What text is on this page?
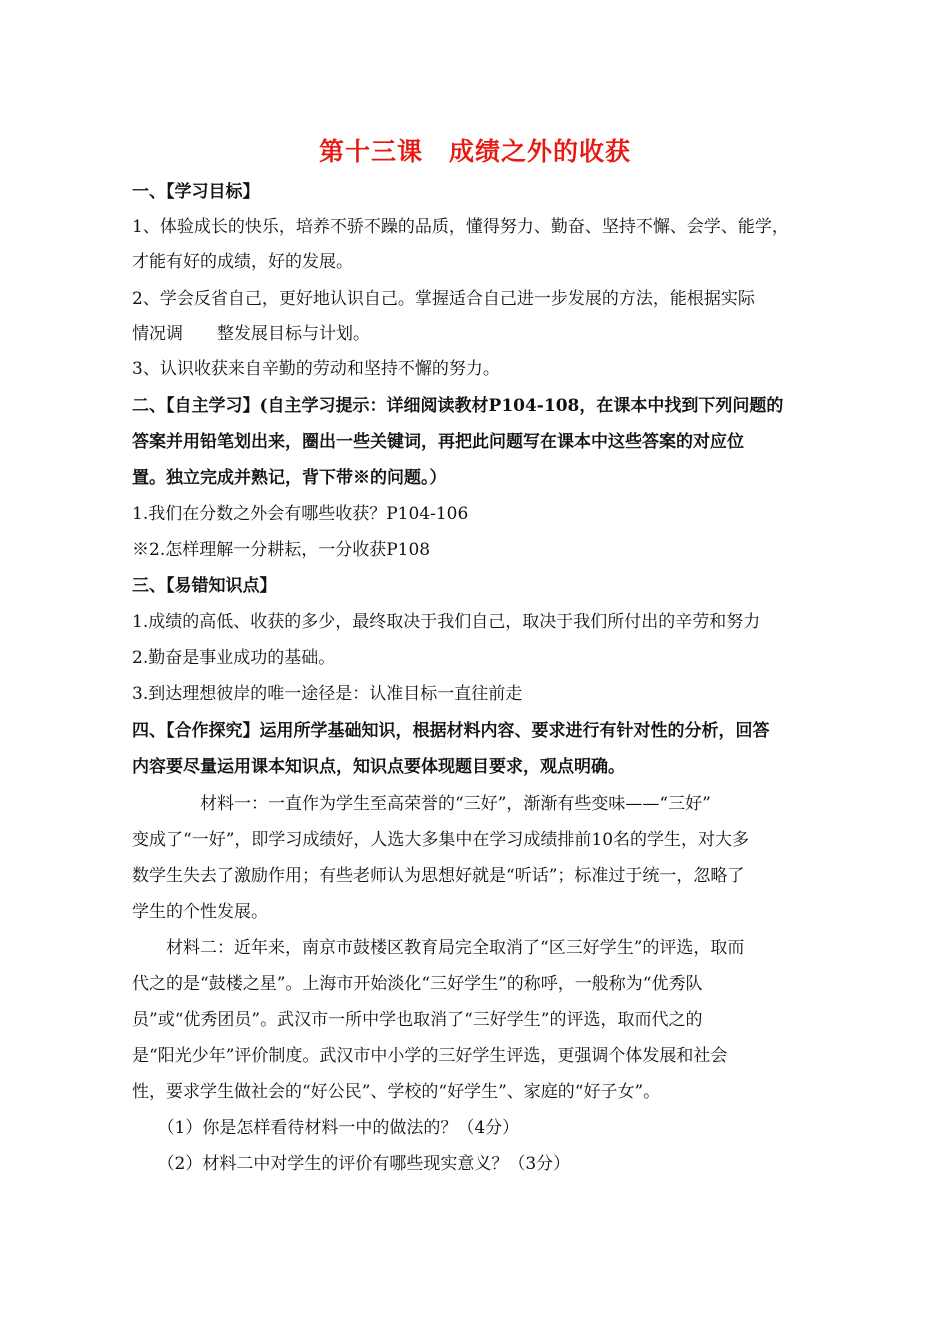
第十三课　成绩之外的收获
一、【学习目标】
1、体验成长的快乐，培养不骄不躁的品质，懂得努力、勤奋、坚持不懈、会学、能学，
才能有好的成绩，好的发展。
2、学会反省自己，更好地认识自己。掌握适合自己进一步发展的方法，能根据实际
情况调　　整发展目标与计划。
3、认识收获来自辛勤的劳动和坚持不懈的努力。
二、【自主学习】(自主学习提示：详细阅读教材P104-108，在课本中找到下列问题的
答案并用铅笔划出来，圈出一些关键词，再把此问题写在课本中这些答案的对应位
置。独立完成并熟记，背下带※的问题。）
1.我们在分数之外会有哪些收获？P104-106
※2.怎样理解一分耕耘，一分收获P108
三、【易错知识点】
1.成绩的高低、收获的多少，最终取决于我们自己，取决于我们所付出的辛劳和努力
2.勤奋是事业成功的基础。
3.到达理想彼岸的唯一途径是：认准目标一直往前走
四、【合作探究】运用所学基础知识，根据材料内容、要求进行有针对性的分析，回答
内容要尽量运用课本知识点，知识点要体现题目要求，观点明确。
　　　　材料一：一直作为学生至高荣誉的“三好”，渐渐有些变味——“三好”
变成了“一好”，即学习成绩好，人选大多集中在学习成绩排前10名的学生，对大多
数学生失去了激励作用；有些老师认为思想好就是“听话”；标准过于统一，忽略了
学生的个性发展。
　　材料二：近年来，南京市鼓楼区教育局完全取消了“区三好学生”的评选，取而
代之的是“鼓楼之星”。上海市开始淡化“三好学生”的称呼，一般称为“优秀队
员”或“优秀团员”。武汉市一所中学也取消了“三好学生”的评选，取而代之的
是“阳光少年”评价制度。武汉市中小学的三好学生评选，更强调个体发展和社会
性，要求学生做社会的“好公民”、学校的“好学生”、家庭的“好子女”。
　　（1）你是怎样看待材料一中的做法的？（4分）
　　（2）材料二中对学生的评价有哪些现实意义？（3分）
